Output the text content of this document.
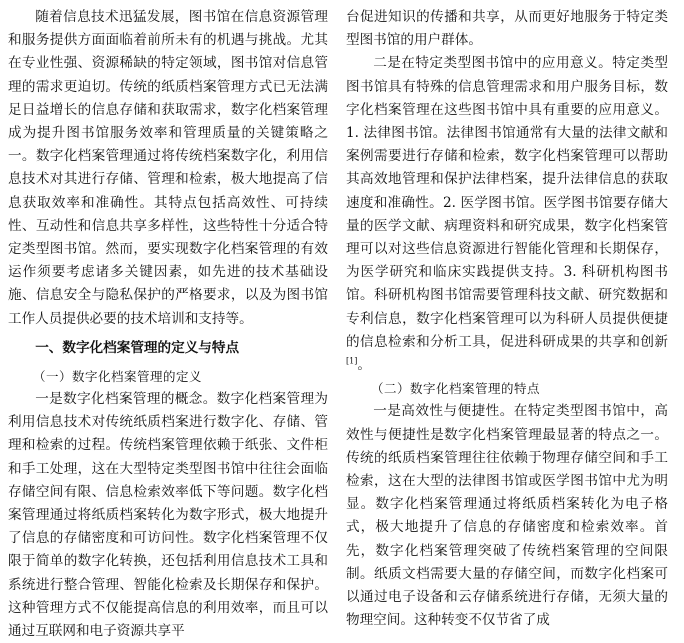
随着信息技术迅猛发展，图书馆在信息资源管理和服务提供方面面临着前所未有的机遇与挑战。尤其在专业性强、资源稀缺的特定领域，图书馆对信息管理的需求更迫切。传统的纸质档案管理方式已无法满足日益增长的信息存储和获取需求，数字化档案管理成为提升图书馆服务效率和管理质量的关键策略之一。数字化档案管理通过将传统档案数字化，利用信息技术对其进行存储、管理和检索，极大地提高了信息获取效率和准确性。其特点包括高效性、可持续性、互动性和信息共享多样性，这些特性十分适合特定类型图书馆。然而，要实现数字化档案管理的有效运作须要考虑诸多关键因素，如先进的技术基础设施、信息安全与隐私保护的严格要求，以及为图书馆工作人员提供必要的技术培训和支持等。

一、数字化档案管理的定义与特点
（一）数字化档案管理的定义

一是数字化档案管理的概念。数字化档案管理为利用信息技术对传统纸质档案进行数字化、存储、管理和检索的过程。传统档案管理依赖于纸张、文件柜和手工处理，这在大型特定类型图书馆中往往会面临存储空间有限、信息检索效率低下等问题。数字化档案管理通过将纸质档案转化为数字形式，极大地提升了信息的存储密度和可访问性。数字化档案管理不仅限于简单的数字化转换，还包括利用信息技术工具和系统进行整合管理、智能化检索及长期保存和保护。这种管理方式不仅能提高信息的利用效率，而且可以通过互联网和电子资源共享平

台促进知识的传播和共享，从而更好地服务于特定类型图书馆的用户群体。

二是在特定类型图书馆中的应用意义。特定类型图书馆具有特殊的信息管理需求和用户服务目标，数字化档案管理在这些图书馆中具有重要的应用意义。1. 法律图书馆。法律图书馆通常有大量的法律文献和案例需要进行存储和检索，数字化档案管理可以帮助其高效地管理和保护法律档案，提升法律信息的获取速度和准确性。2. 医学图书馆。医学图书馆要存储大量的医学文献、病理资料和研究成果，数字化档案管理可以对这些信息资源进行智能化管理和长期保存，为医学研究和临床实践提供支持。3. 科研机构图书馆。科研机构图书馆需要管理科技文献、研究数据和专利信息，数字化档案管理可以为科研人员提供便捷的信息检索和分析工具，促进科研成果的共享和创新[1]。

（二）数字化档案管理的特点

一是高效性与便捷性。在特定类型图书馆中，高效性与便捷性是数字化档案管理最显著的特点之一。传统的纸质档案管理往往依赖于物理存储空间和手工检索，这在大型的法律图书馆或医学图书馆中尤为明显。数字化档案管理通过将纸质档案转化为电子格式，极大地提升了信息的存储密度和检索效率。首先，数字化档案管理突破了传统档案管理的空间限制。纸质文档需要大量的存储空间，而数字化档案可以通过电子设备和云存储系统进行存储，无须大量的物理空间。这种转变不仅节省了成
